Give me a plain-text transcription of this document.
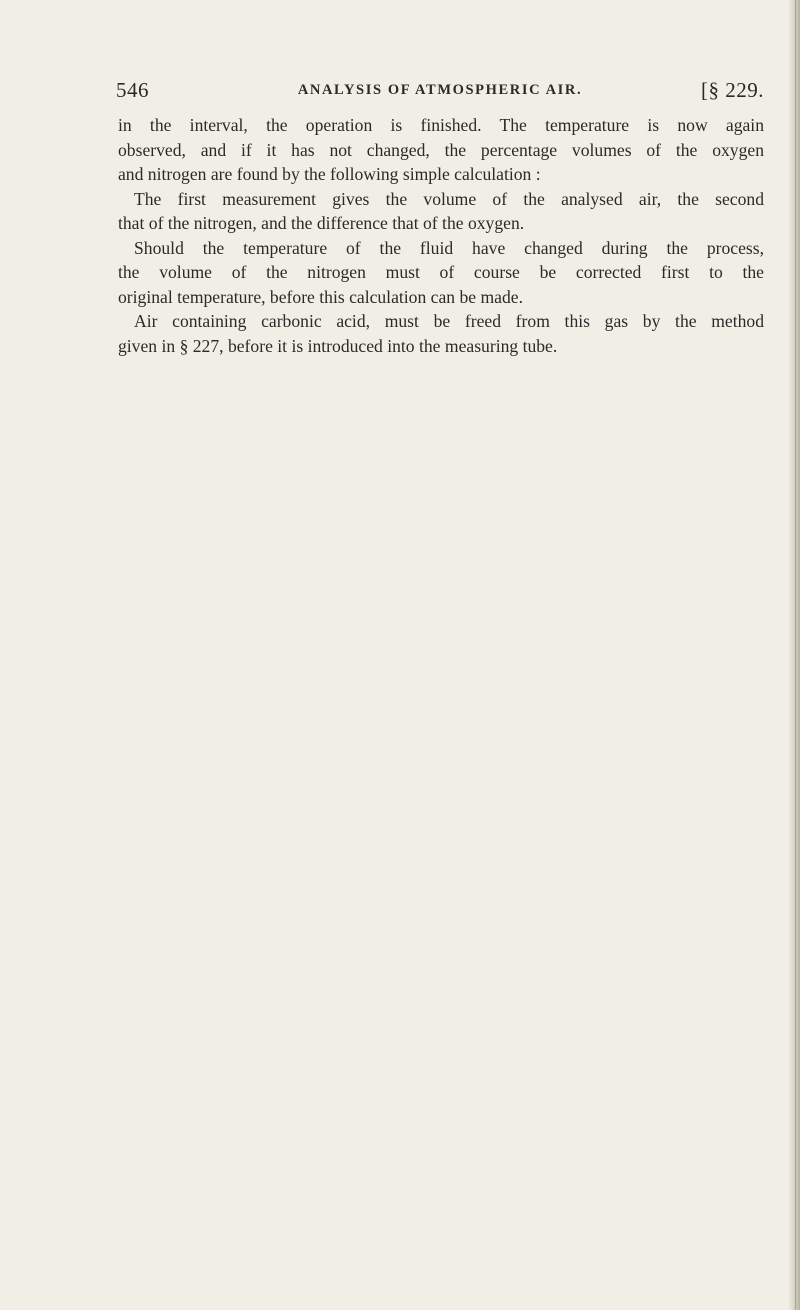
546	ANALYSIS OF ATMOSPHERIC AIR.	[§ 229.
in the interval, the operation is finished. The temperature is now again
observed, and if it has not changed, the percentage volumes of the oxygen
and nitrogen are found by the following simple calculation :
The first measurement gives the volume of the analysed air, the second
that of the nitrogen, and the difference that of the oxygen.
Should the temperature of the fluid have changed during the process,
the volume of the nitrogen must of course be corrected first to the
original temperature, before this calculation can be made.
Air containing carbonic acid, must be freed from this gas by the method
given in § 227, before it is introduced into the measuring tube.
